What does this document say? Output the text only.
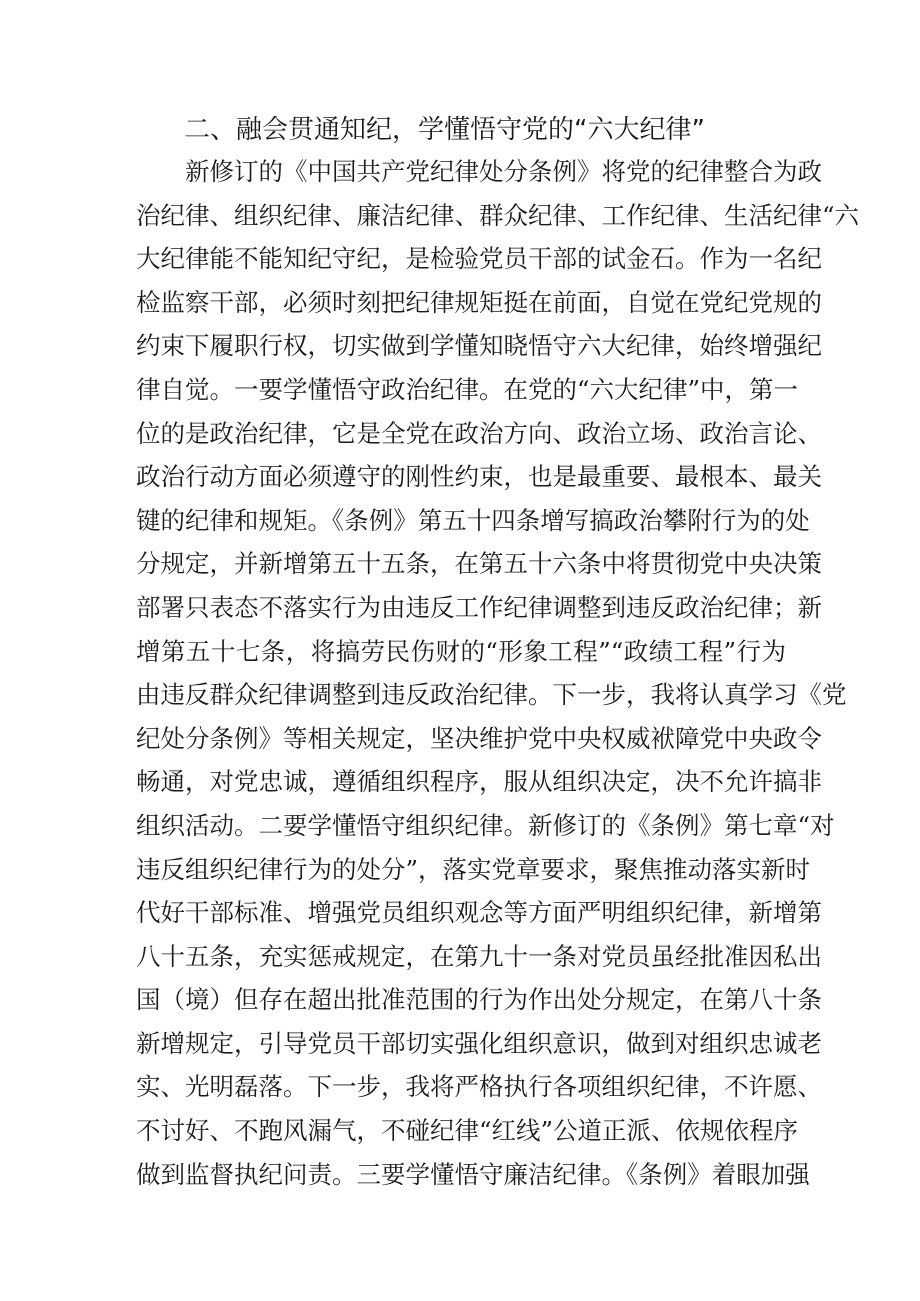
二、融会贯通知纪，学懂悟守党的“六大纪律”
新修订的《中国共产党纪律处分条例》将党的纪律整合为政
治纪律、组织纪律、廉洁纪律、群众纪律、工作纪律、生活纪律“六
大纪律能不能知纪守纪，是检验党员干部的试金石。作为一名纪
检监察干部，必须时刻把纪律规矩挺在前面，自觉在党纪党规的
约束下履职行权，切实做到学懂知晓悟守六大纪律，始终增强纪
律自觉。一要学懂悟守政治纪律。在党的“六大纪律”中，第一
位的是政治纪律，它是全党在政治方向、政治立场、政治言论、
政治行动方面必须遵守的刚性约束，也是最重要、最根本、最关
键的纪律和规矩。《条例》第五十四条增写搞政治攀附行为的处
分规定，并新增第五十五条，在第五十六条中将贯彻党中央决策
部署只表态不落实行为由违反工作纪律调整到违反政治纪律；新
增第五十七条，将搞劳民伤财的“形象工程”“政绩工程”行为
由违反群众纪律调整到违反政治纪律。下一步，我将认真学习《党
纪处分条例》等相关规定，坚决维护党中央权威袱障党中央政令
畅通，对党忠诚，遵循组织程序，服从组织决定，决不允许搞非
组织活动。二要学懂悟守组织纪律。新修订的《条例》第七章“对
违反组织纪律行为的处分”，落实党章要求，聚焦推动落实新时
代好干部标准、增强党员组织观念等方面严明组织纪律，新增第
八十五条，充实惩戒规定，在第九十一条对党员虽经批准因私出
国（境）但存在超出批准范围的行为作出处分规定，在第八十条
新增规定，引导党员干部切实强化组织意识，做到对组织忠诚老
实、光明磊落。下一步，我将严格执行各项组织纪律，不许愿、
不讨好、不跑风漏气，不碰纪律“红线”公道正派、依规依程序
做到监督执纪问责。三要学懂悟守廉洁纪律。《条例》着眼加强
